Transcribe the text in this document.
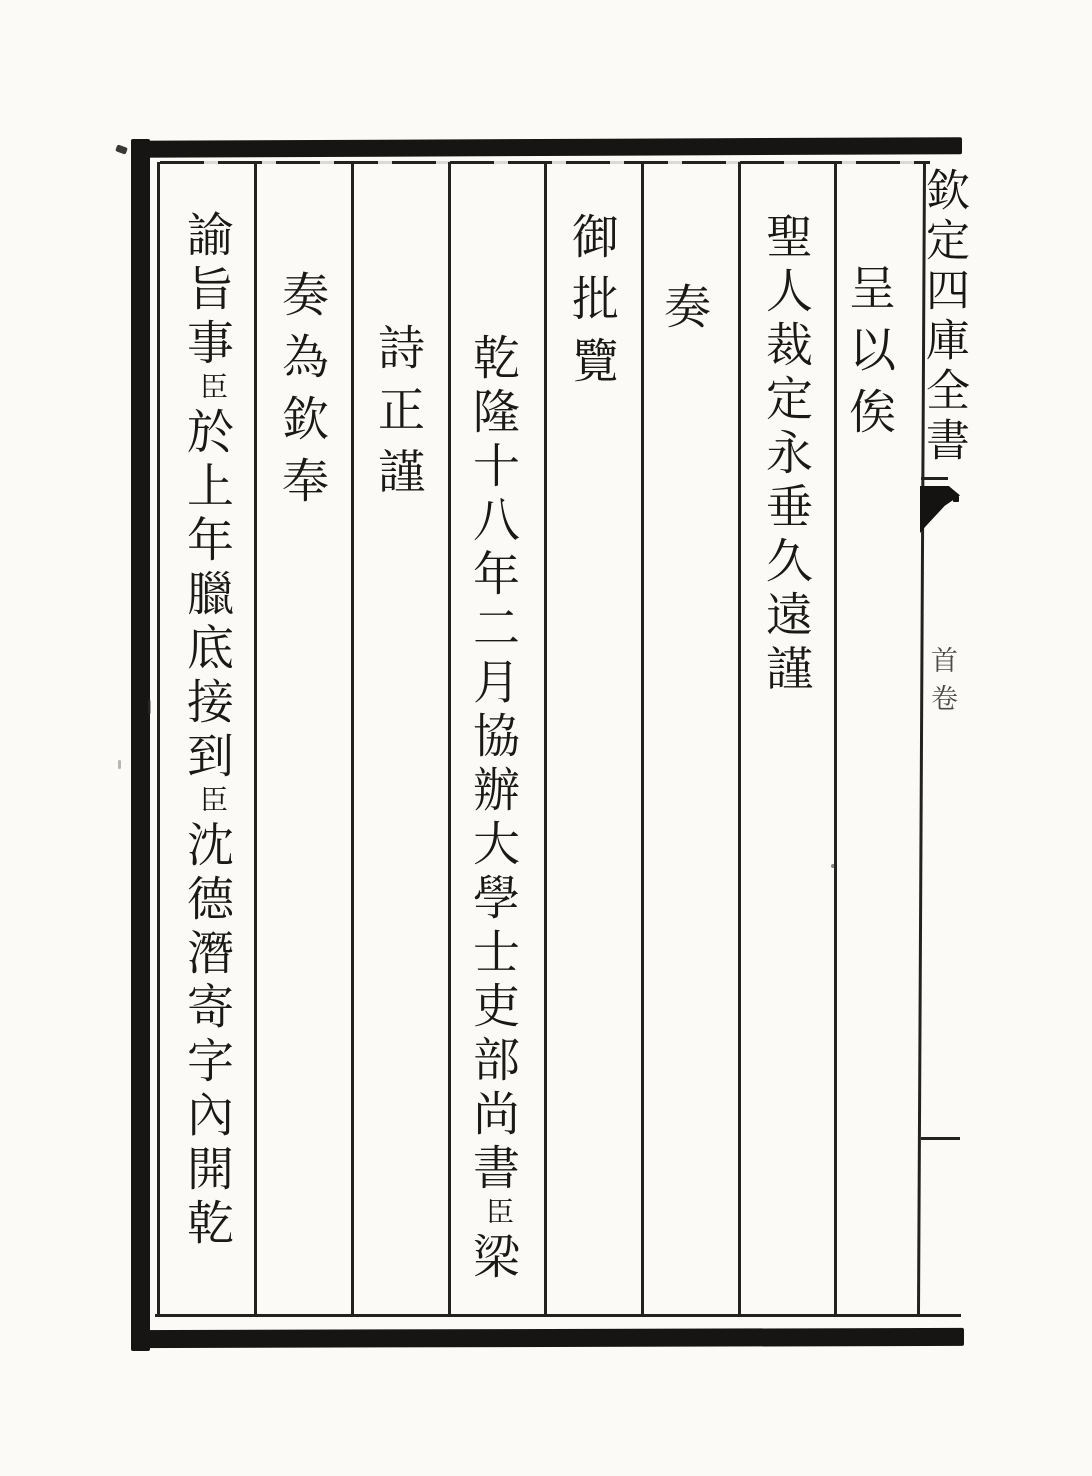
欽定四庫全書
首卷
呈以俟
聖人裁定永垂久遠謹
奏
御批覽
乾隆十八年二月協辦大學士吏部尚書臣梁
詩正謹
奏為欽奉
諭旨事臣於上年臘底接到臣沈德潛寄字內開乾
